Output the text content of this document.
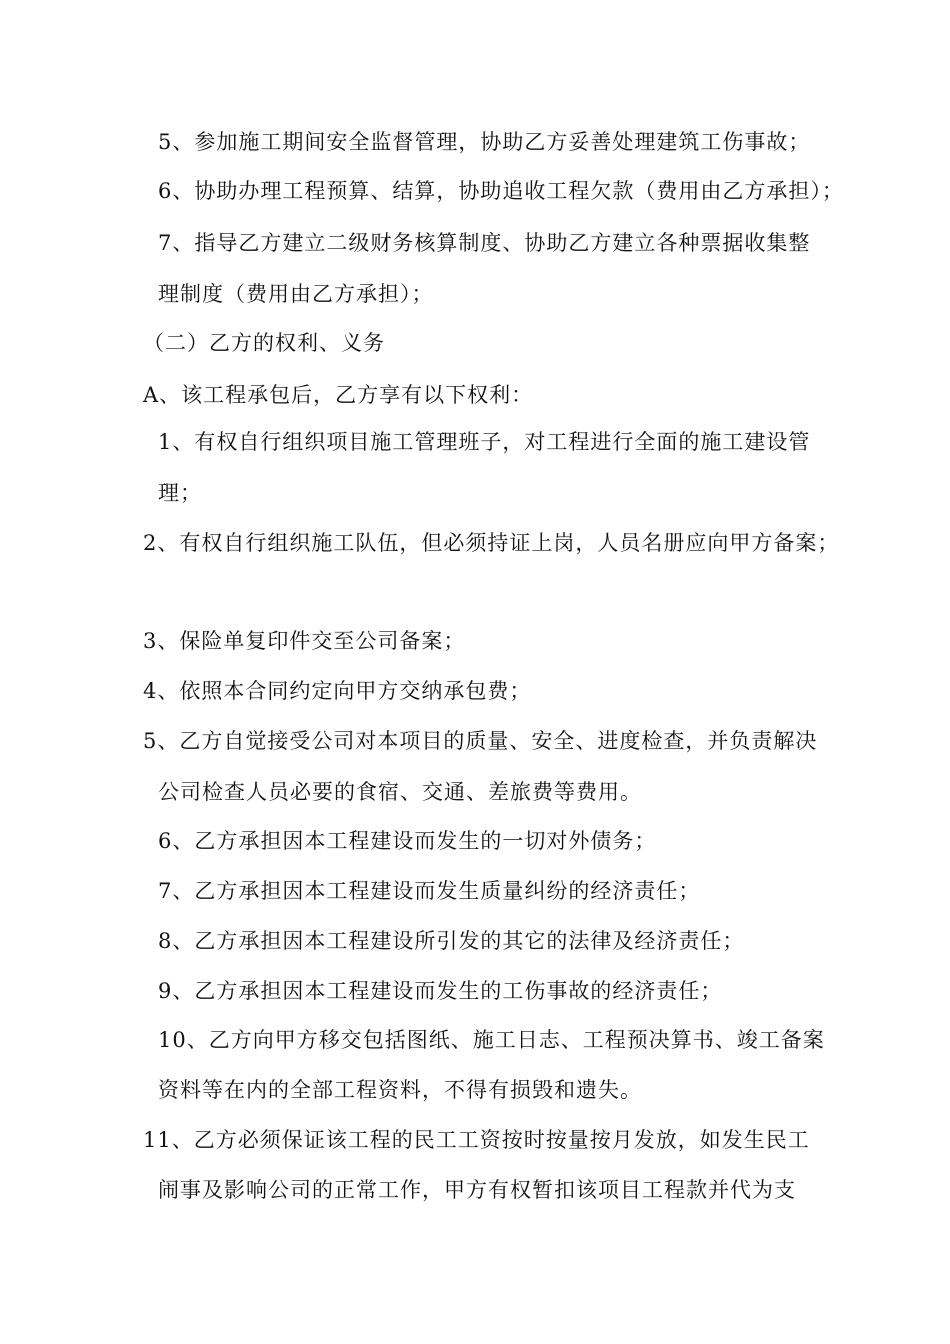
5、参加施工期间安全监督管理，协助乙方妥善处理建筑工伤事故；
6、协助办理工程预算、结算，协助追收工程欠款（费用由乙方承担）；
7、指导乙方建立二级财务核算制度、协助乙方建立各种票据收集整
理制度（费用由乙方承担）；
（二）乙方的权利、义务
A、该工程承包后，乙方享有以下权利：
1、有权自行组织项目施工管理班子，对工程进行全面的施工建设管
理；
2、有权自行组织施工队伍，但必须持证上岗，人员名册应向甲方备案；
3、保险单复印件交至公司备案；
4、依照本合同约定向甲方交纳承包费；
5、乙方自觉接受公司对本项目的质量、安全、进度检查，并负责解决
公司检查人员必要的食宿、交通、差旅费等费用。
6、乙方承担因本工程建设而发生的一切对外债务；
7、乙方承担因本工程建设而发生质量纠纷的经济责任；
8、乙方承担因本工程建设所引发的其它的法律及经济责任；
9、乙方承担因本工程建设而发生的工伤事故的经济责任；
10、乙方向甲方移交包括图纸、施工日志、工程预决算书、竣工备案
资料等在内的全部工程资料，不得有损毁和遗失。
11、乙方必须保证该工程的民工工资按时按量按月发放，如发生民工
闹事及影响公司的正常工作，甲方有权暂扣该项目工程款并代为支
